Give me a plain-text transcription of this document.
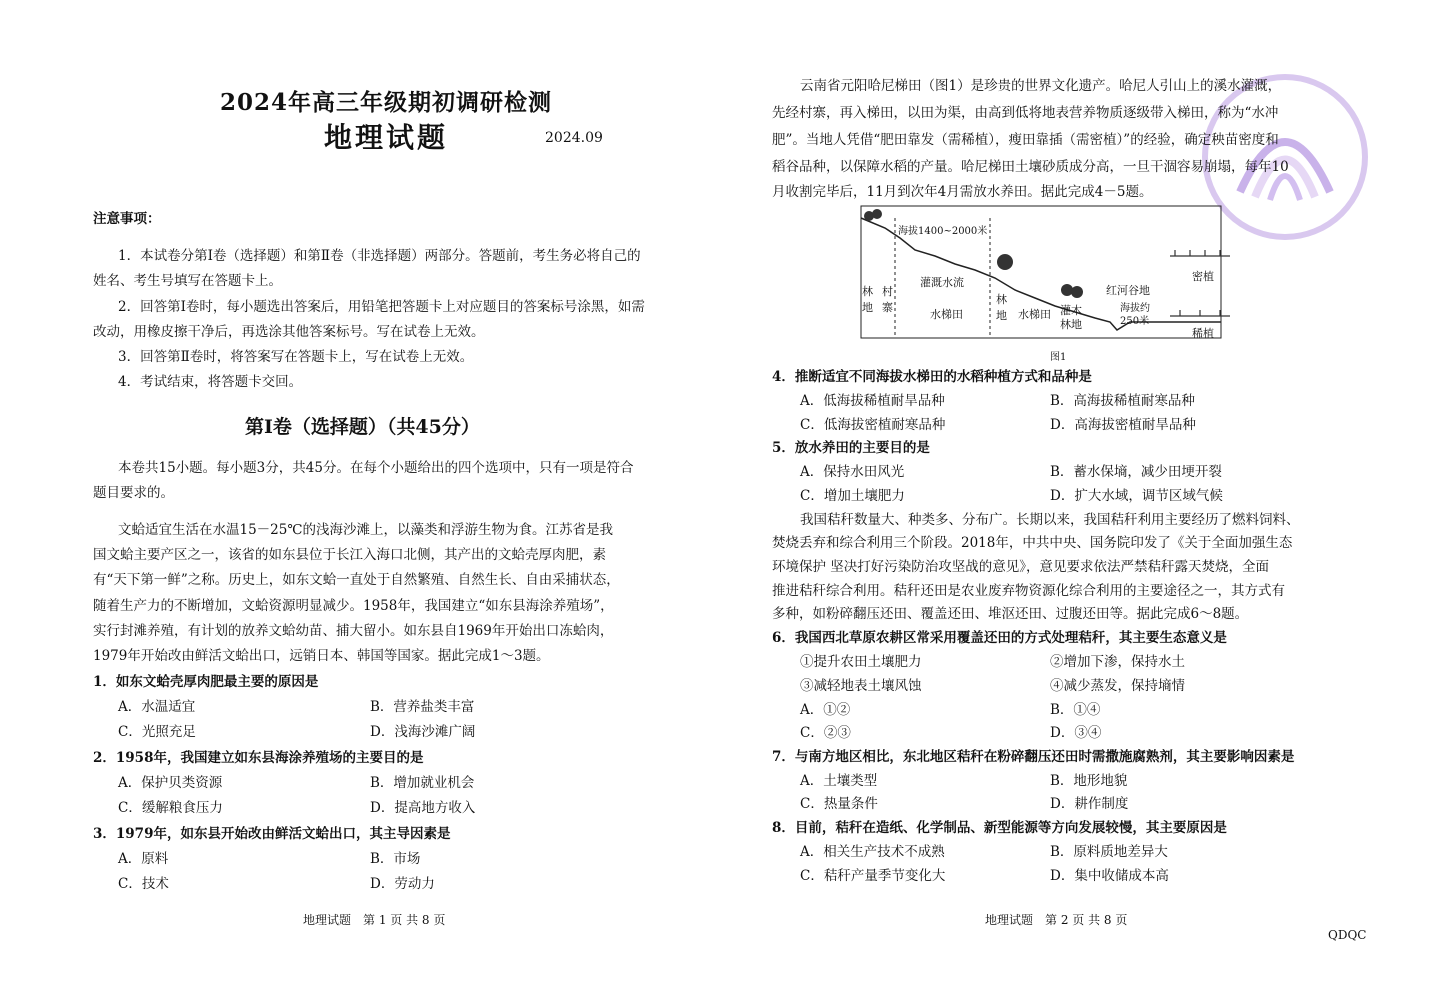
2024年高三年级期初调研检测
地理试题	2024.09
注意事项：
1．本试卷分第Ⅰ卷（选择题）和第Ⅱ卷（非选择题）两部分。答题前，考生务必将自己的
姓名、考生号填写在答题卡上。
2．回答第Ⅰ卷时，每小题选出答案后，用铅笔把答题卡上对应题目的答案标号涂黑，如需
改动，用橡皮擦干净后，再选涂其他答案标号。写在试卷上无效。
3．回答第Ⅱ卷时，将答案写在答题卡上，写在试卷上无效。
4．考试结束，将答题卡交回。
第Ⅰ卷（选择题）（共45分）
本卷共15小题。每小题3分，共45分。在每个小题给出的四个选项中，只有一项是符合
题目要求的。
文蛤适宜生活在水温15－25℃的浅海沙滩上，以藻类和浮游生物为食。江苏省是我
国文蛤主要产区之一，该省的如东县位于长江入海口北侧，其产出的文蛤壳厚肉肥，素
有“天下第一鲜”之称。历史上，如东文蛤一直处于自然繁殖、自然生长、自由采捕状态，
随着生产力的不断增加，文蛤资源明显减少。1958年，我国建立“如东县海涂养殖场”，
实行封滩养殖，有计划的放养文蛤幼苗、捕大留小。如东县自1969年开始出口冻蛤肉，
1979年开始改由鲜活文蛤出口，远销日本、韩国等国家。据此完成1～3题。
1．如东文蛤壳厚肉肥最主要的原因是
A．水温适宜	B．营养盐类丰富
C．光照充足	D．浅海沙滩广阔
2．1958年，我国建立如东县海涂养殖场的主要目的是
A．保护贝类资源	B．增加就业机会
C．缓解粮食压力	D．提高地方收入
3．1979年，如东县开始改由鲜活文蛤出口，其主导因素是
A．原料	B．市场
C．技术	D．劳动力
地理试题　第 1 页 共 8 页
云南省元阳哈尼梯田（图1）是珍贵的世界文化遗产。哈尼人引山上的溪水灌溉，
先经村寨，再入梯田，以田为渠，由高到低将地表营养物质逐级带入梯田，称为“水冲
肥”。当地人凭借“肥田靠发（需稀植），瘦田靠插（需密植）”的经验，确定秧苗密度和
稻谷品种，以保障水稻的产量。哈尼梯田土壤砂质成分高，一旦干涸容易崩塌，每年10
月收割完毕后，11月到次年4月需放水养田。据此完成4－5题。
海拔1400~2000米
林地
村寨
灌溉水流
水梯田
林地 水梯田 灌木林地
红河谷地
海拔约250米
密植
稀植
图1
4．推断适宜不同海拔水梯田的水稻种植方式和品种是
A．低海拔稀植耐旱品种	B．高海拔稀植耐寒品种
C．低海拔密植耐寒品种	D．高海拔密植耐旱品种
5．放水养田的主要目的是
A．保持水田风光	B．蓄水保墒，减少田埂开裂
C．增加土壤肥力	D．扩大水域，调节区域气候
我国秸秆数量大、种类多、分布广。长期以来，我国秸秆利用主要经历了燃料饲料、
焚烧丢弃和综合利用三个阶段。2018年，中共中央、国务院印发了《关于全面加强生态
环境保护 坚决打好污染防治攻坚战的意见》，意见要求依法严禁秸秆露天焚烧，全面
推进秸秆综合利用。秸秆还田是农业废弃物资源化综合利用的主要途径之一，其方式有
多种，如粉碎翻压还田、覆盖还田、堆沤还田、过腹还田等。据此完成6～8题。
6．我国西北草原农耕区常采用覆盖还田的方式处理秸秆，其主要生态意义是
①提升农田土壤肥力	②增加下渗，保持水土
③减轻地表土壤风蚀	④减少蒸发，保持墒情
A．①②	B．①④
C．②③	D．③④
7．与南方地区相比，东北地区秸秆在粉碎翻压还田时需撒施腐熟剂，其主要影响因素是
A．土壤类型	B．地形地貌
C．热量条件	D．耕作制度
8．目前，秸秆在造纸、化学制品、新型能源等方向发展较慢，其主要原因是
A．相关生产技术不成熟	B．原料质地差异大
C．秸秆产量季节变化大	D．集中收储成本高
地理试题　第 2 页 共 8 页
QDQC
